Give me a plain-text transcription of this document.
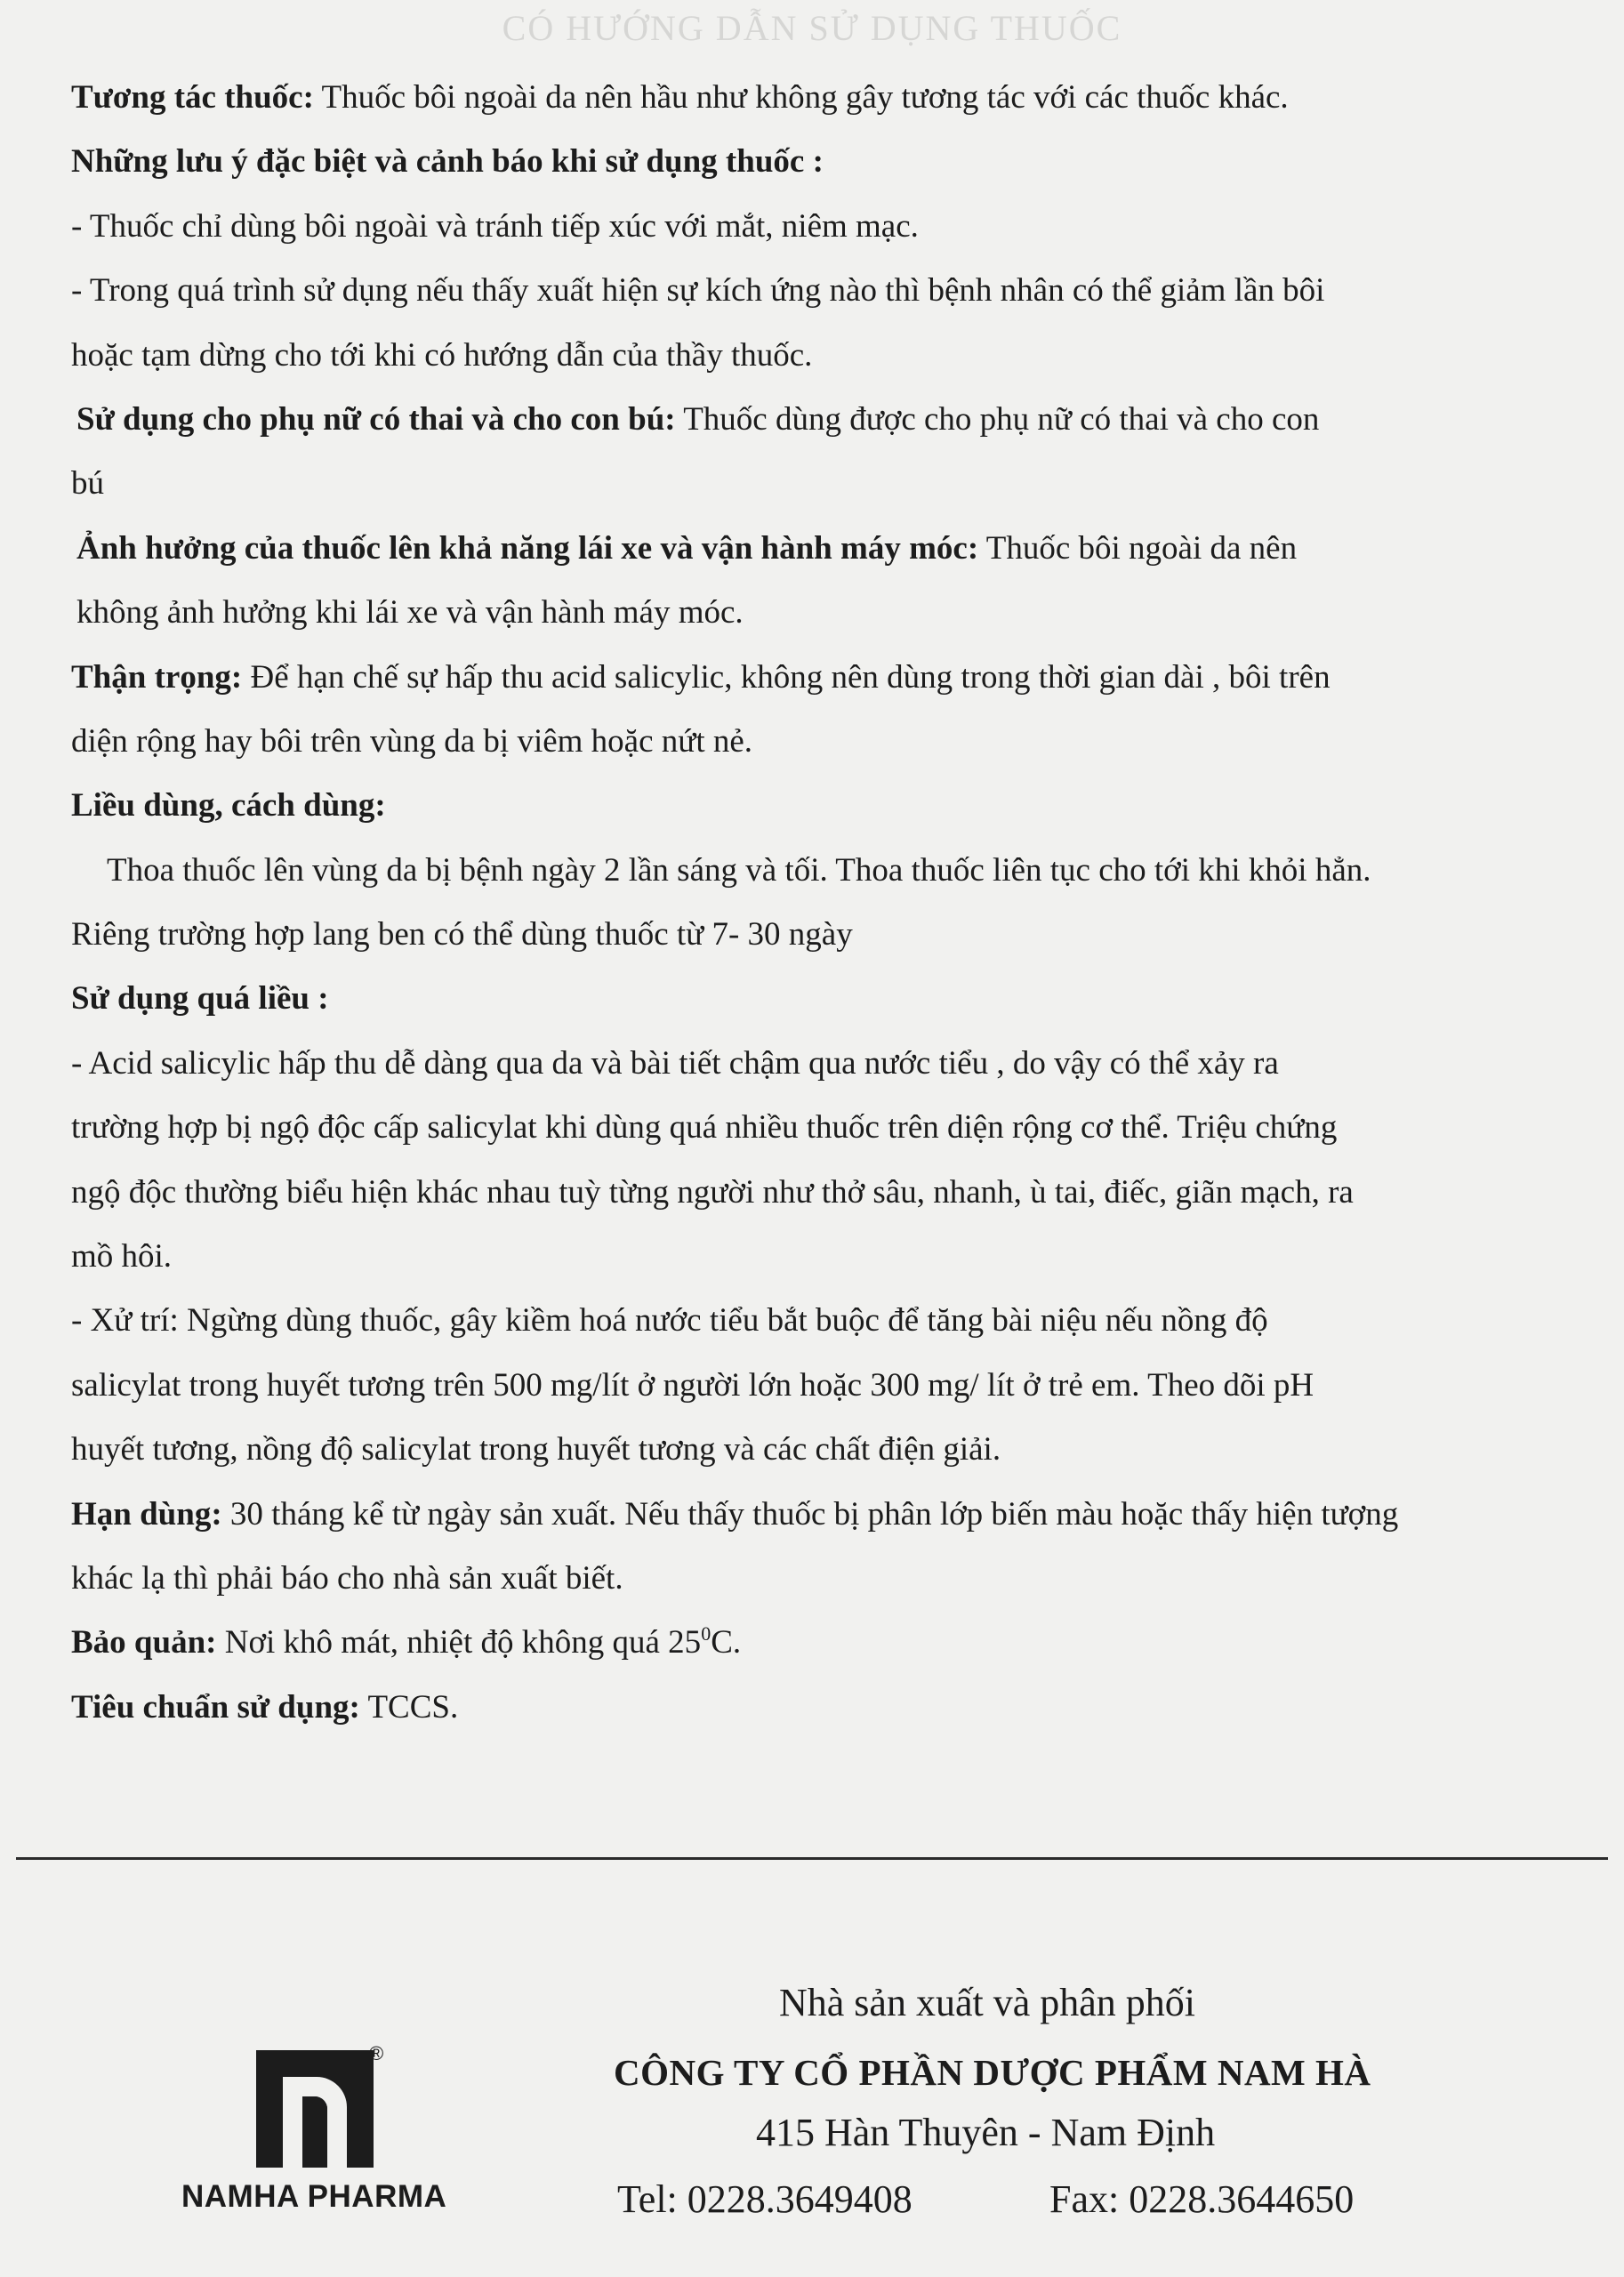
CÓ HƯỚNG DẪN SỬ DỤNG THUỐC
Tương tác thuốc: Thuốc bôi ngoài da nên hầu như không gây tương tác với các thuốc khác.
Những lưu ý đặc biệt và cảnh báo khi sử dụng thuốc :
- Thuốc chỉ dùng bôi ngoài và tránh tiếp xúc với mắt, niêm mạc.
- Trong quá trình sử dụng nếu thấy xuất hiện sự kích ứng nào thì bệnh nhân có thể giảm lần bôi
hoặc tạm dừng cho tới khi có hướng dẫn của thầy thuốc.
Sử dụng cho phụ nữ có thai và cho con bú: Thuốc dùng được cho phụ nữ có thai và cho con
bú
Ảnh hưởng của thuốc lên khả năng lái xe và vận hành máy móc: Thuốc bôi ngoài da nên
không ảnh hưởng khi lái xe và vận hành máy móc.
Thận trọng: Để hạn chế sự hấp thu acid salicylic, không nên dùng trong thời gian dài , bôi trên
diện rộng hay bôi trên vùng da bị viêm hoặc nứt nẻ.
Liều dùng, cách dùng:
Thoa thuốc lên vùng da bị bệnh ngày 2 lần sáng và tối. Thoa thuốc liên tục cho tới khi khỏi hẳn.
Riêng trường hợp lang ben có thể dùng thuốc từ 7- 30 ngày
Sử dụng quá liều :
- Acid salicylic hấp thu dễ dàng qua da và bài tiết chậm qua nước tiểu , do vậy có thể xảy ra
trường hợp bị ngộ độc cấp salicylat khi dùng quá nhiều thuốc trên diện rộng cơ thể. Triệu chứng
ngộ độc thường biểu hiện khác nhau tuỳ từng người như thở sâu, nhanh, ù tai, điếc, giãn mạch, ra
mồ hôi.
- Xử trí: Ngừng dùng thuốc, gây kiềm hoá nước tiểu bắt buộc để tăng bài niệu nếu nồng độ
salicylat trong huyết tương trên 500 mg/lít ở người lớn hoặc 300 mg/ lít ở trẻ em. Theo dõi pH
huyết tương, nồng độ salicylat trong huyết tương và các chất điện giải.
Hạn dùng: 30 tháng kể từ ngày sản xuất. Nếu thấy thuốc bị phân lớp biến màu hoặc thấy hiện tượng
khác lạ thì phải báo cho nhà sản xuất biết.
Bảo quản: Nơi khô mát, nhiệt độ không quá $25^0C$.
Tiêu chuẩn sử dụng: TCCS.
®
NAMHA PHARMA
Nhà sản xuất và phân phối
CÔNG TY CỔ PHẦN DƯỢC PHẨM NAM HÀ
415 Hàn Thuyên - Nam Định
Tel: 0228.3649408	Fax: 0228.3644650
